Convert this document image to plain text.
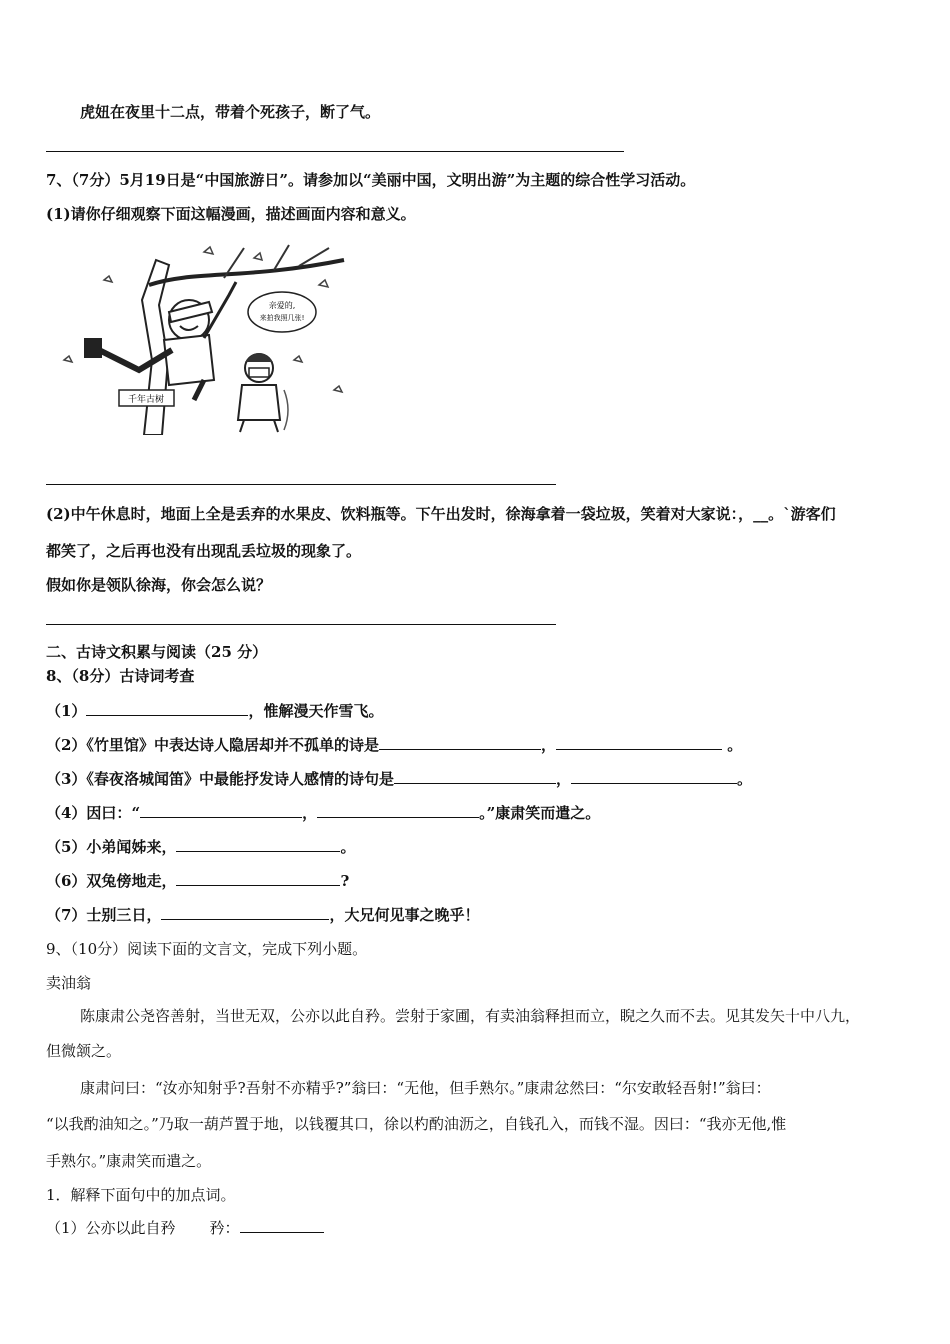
虎妞在夜里十二点，带着个死孩子，断了气。
7、（7分）5月19日是“中国旅游日”。请参加以“美丽中国，文明出游”为主题的综合性学习活动。
(1)请你仔细观察下面这幅漫画，描述画面内容和意义。
千年古树
亲爱的,
来拍我照几张!
(2)中午休息时，地面上全是丢弃的水果皮、饮料瓶等。下午出发时，徐海拿着一袋垃圾，笑着对大家说：，__。`游客们
都笑了，之后再也没有出现乱丢垃圾的现象了。
假如你是领队徐海，你会怎么说？
二、古诗文积累与阅读（25 分）
8、（8分）古诗词考查
（1）	，惟解漫天作雪飞。
（2）《竹里馆》中表达诗人隐居却并不孤单的诗是	，	。
（3）《春夜洛城闻笛》中最能抒发诗人感情的诗句是	，	。
（4）因曰：“	，	。”康肃笑而遣之。
（5）小弟闻姊来，	。
（6）双兔傍地走，	?
（7）士别三日，	，大兄何见事之晚乎！
9、（10分）阅读下面的文言文，完成下列小题。
卖油翁
陈康肃公尧咨善射，当世无双，公亦以此自矜。尝射于家圃，有卖油翁释担而立，睨之久而不去。见其发矢十中八九，
但微颔之。
康肃问曰：“汝亦知射乎?吾射不亦精乎?”翁曰：“无他，但手熟尔。”康肃忿然曰：“尔安敢轻吾射!”翁曰：
“以我酌油知之。”乃取一葫芦置于地，以钱覆其口，徐以杓酌油沥之，自钱孔入，而钱不湿。因曰：“我亦无他,惟
手熟尔。”康肃笑而遣之。
1．解释下面句中的加点词。
（1）公亦以此自矜 矜：
